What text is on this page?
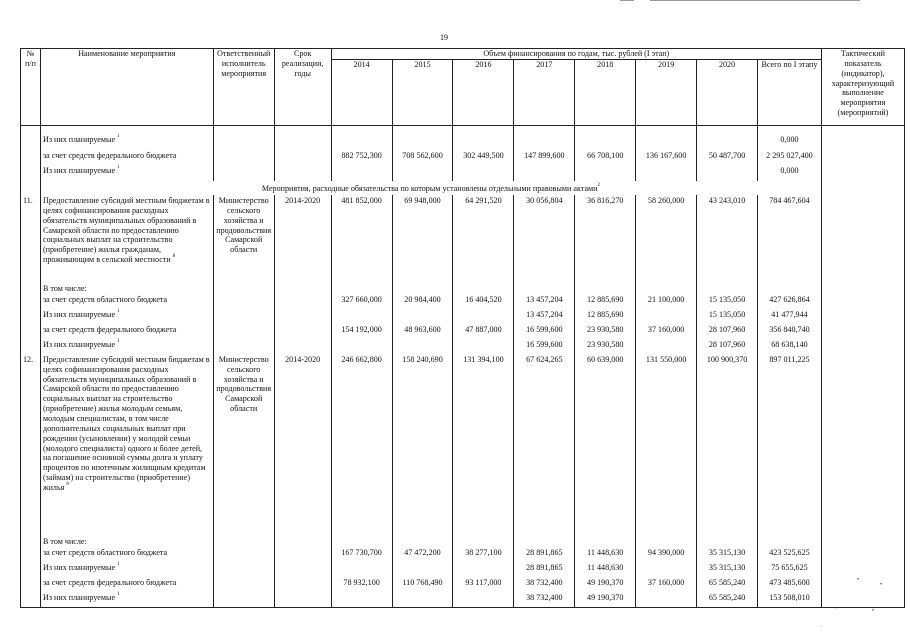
19
№ п/п	Наименование мероприятия	Ответственный исполнитель мероприятия	Срок реализации, годы	Объем финансирования по годам, тыс. рублей (I этап)								Тактический показатель (индикатор), характеризующий выполнение мероприятия (мероприятий)
				2014	2015	2016	2017	2018	2019	2020	Всего по I этапу	

	Из них планируемые $^1$										0,000	
	за счет средств федерального бюджета			882 752,300	708 562,600	302 449,500	147 899,600	66 708,100	136 167,600	50 487,700	2 295 027,400	
	Из них планируемые $^1$										0,000	
	Мероприятия, расходные обязательства по которым установлены отдельными правовыми актами$^2$	
11.	Предоставление субсидий местным бюджетам в целях софинансирования расходных обязательств муниципальных образований в Самарской области по предоставлению социальных выплат на строительство (приобретение) жилья гражданам, проживающим в сельской местности $^8$	Министерство сельского хозяйства и продовольствия Самарской области	2014-2020	481 852,000	69 948,000	64 291,520	30 056,804	36 816,270	58 260,000	43 243,010	784 467,604	
	В том числе:											
	за счет средств областного бюджета			327 660,000	20 984,400	16 404,520	13 457,204	12 885,690	21 100,000	15 135,050	427 626,864	
	Из них планируемые $^1$						13 457,204	12 885,690		15 135,050	41 477,944	
	за счет средств федерального бюджета			154 192,000	48 963,600	47 887,000	16 599,600	23 930,580	37 160,000	28 107,960	356 840,740	
	Из них планируемые $^1$						16 599,600	23 930,580		28 107,960	68 638,140	
12.	Предоставление субсидий местным бюджетам в целях софинансирования расходных обязательств муниципальных образований в Самарской области по предоставлению социальных выплат на строительство (приобретение) жилья молодым семьям, молодым специалистам, в том числе дополнительных социальных выплат при рождении (усыновлении) у молодой семьи (молодого специалиста) одного и более детей, на погашение основной суммы долга и уплату процентов по ипотечным жилищным кредитам (займам) на строительство (приобретение) жилья $^8$	Министерство сельского хозяйства и продовольствия Самарской области	2014-2020	246 662,800	158 240,690	131 394,100	67 624,265	60 639,000	131 550,000	100 900,370	897 011,225	
	В том числе:											
	за счет средств областного бюджета			167 730,700	47 472,200	38 277,100	28 891,865	11 448,630	94 390,000	35 315,130	423 525,625	
	Из них планируемые $^1$						28 891,865	11 448,630		35 315,130	75 655,625	
	за счет средств федерального бюджета			78 932,100	110 768,490	93 117,000	38 732,400	49 190,370	37 160,000	65 585,240	473 485,600	
	Из них планируемые $^1$						38 732,400	49 190,370		65 585,240	153 508,010	
•
•
·	•
·
